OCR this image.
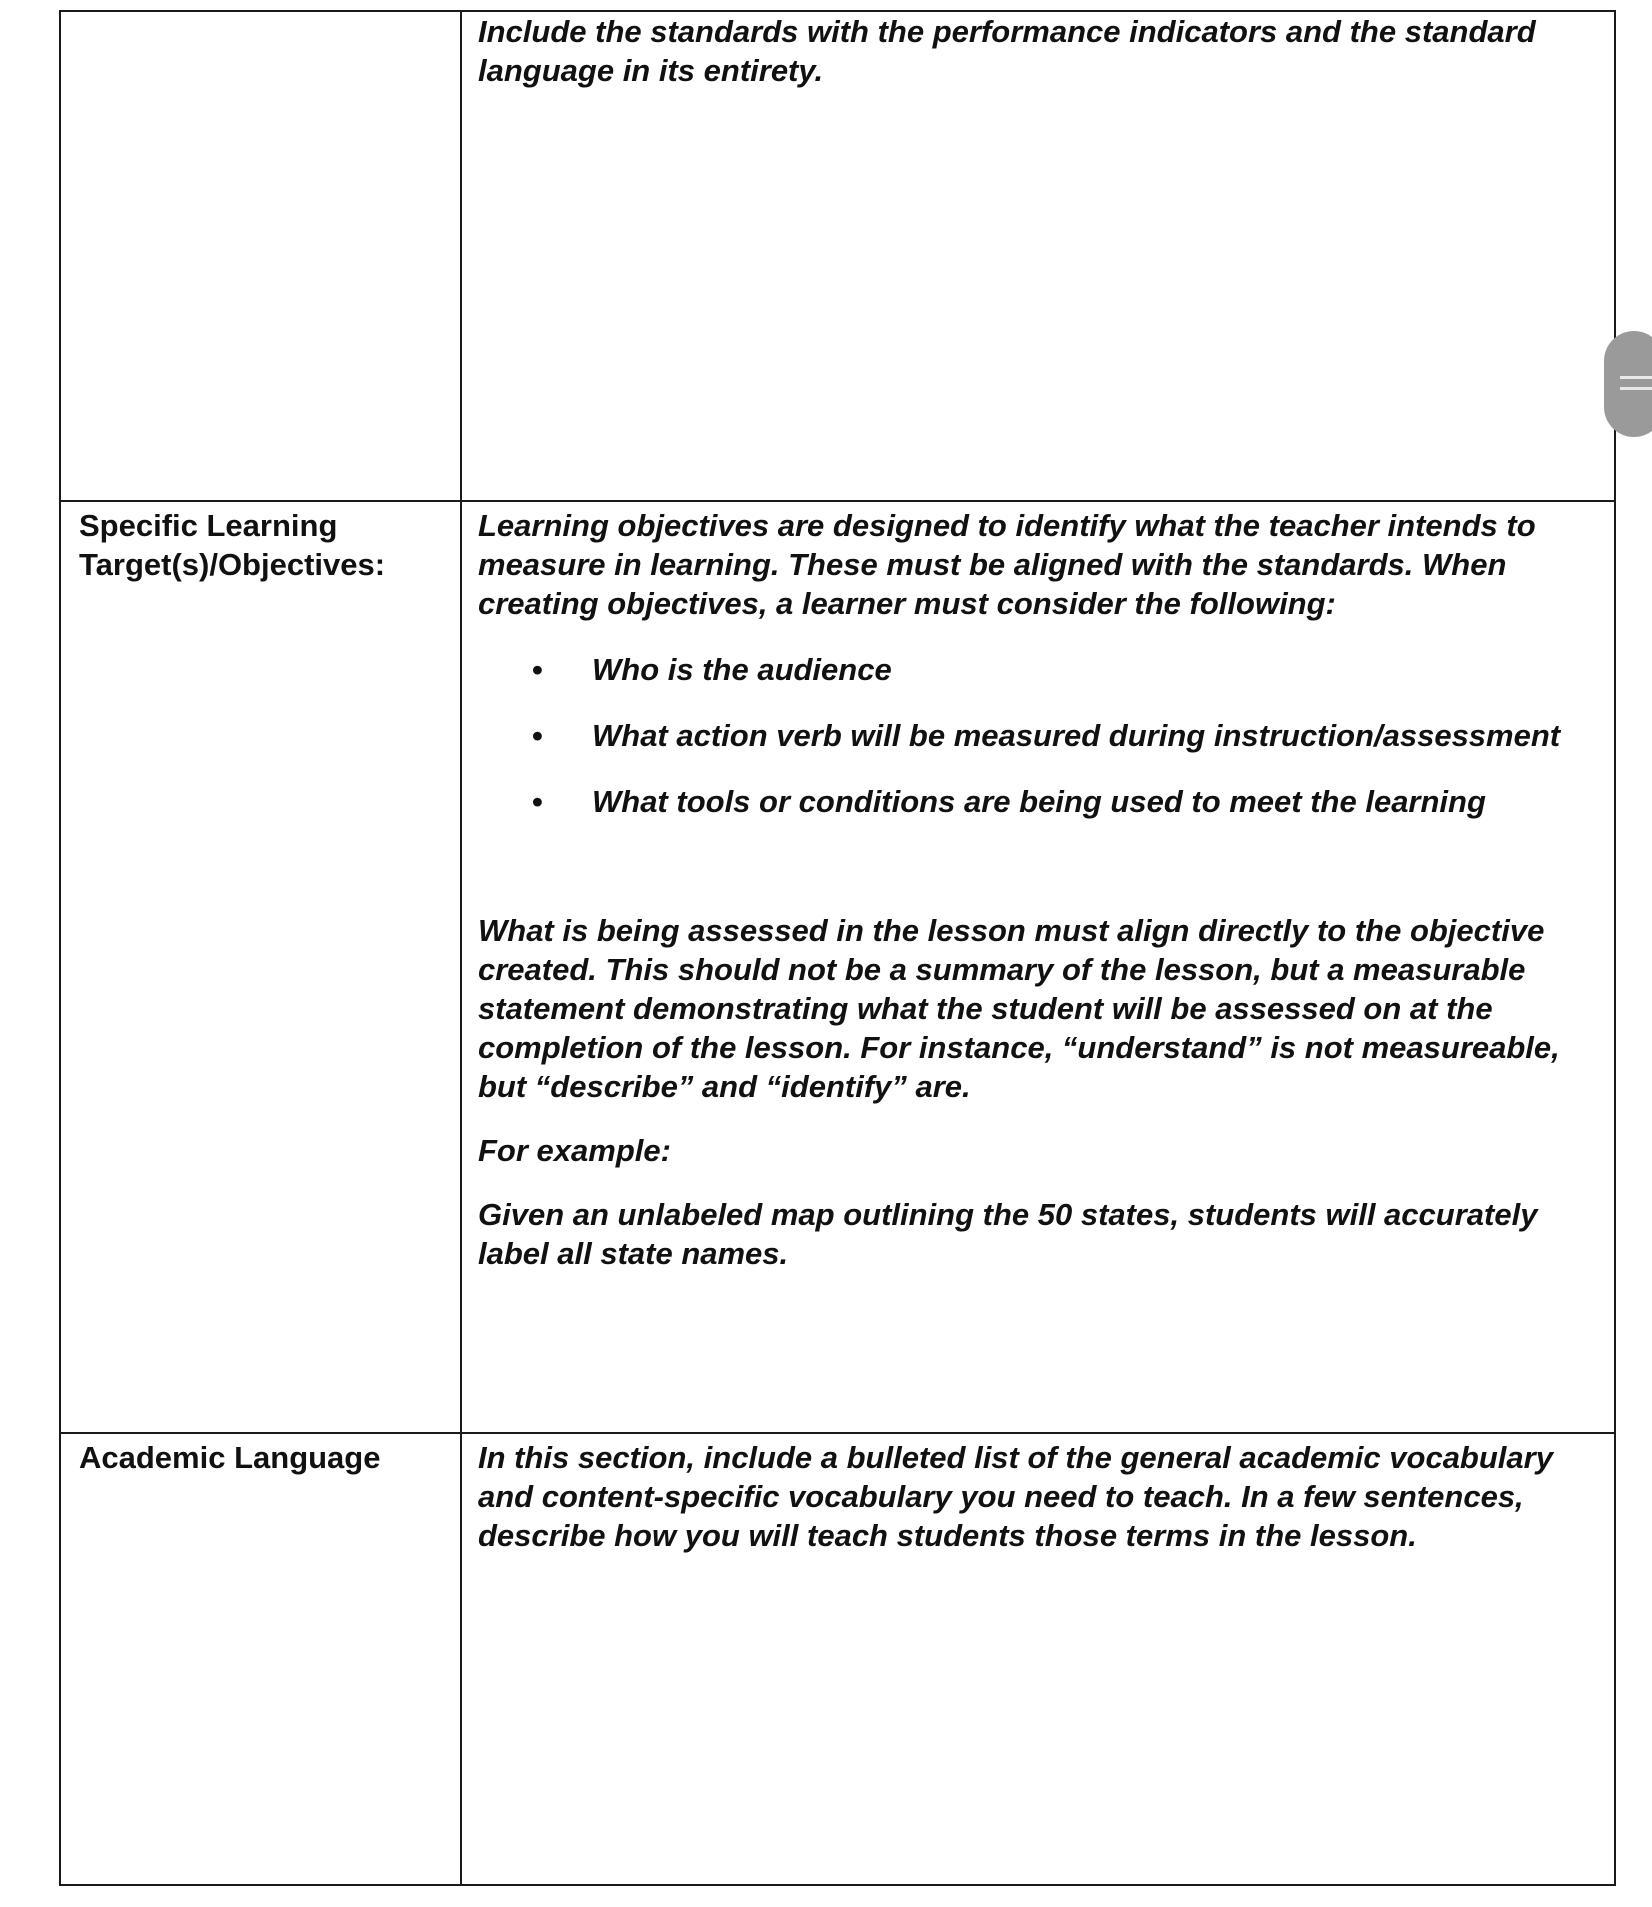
Include the standards with the performance indicators and the standard language in its entirety.

Specific Learning Target(s)/Objectives:

Learning objectives are designed to identify what the teacher intends to measure in learning. These must be aligned with the standards. When creating objectives, a learner must consider the following:

• Who is the audience
• What action verb will be measured during instruction/assessment
• What tools or conditions are being used to meet the learning

What is being assessed in the lesson must align directly to the objective created. This should not be a summary of the lesson, but a measurable statement demonstrating what the student will be assessed on at the completion of the lesson. For instance, “understand” is not measureable, but “describe” and “identify” are.

For example:

Given an unlabeled map outlining the 50 states, students will accurately label all state names.

Academic Language	In this section, include a bulleted list of the general academic vocabulary and content-specific vocabulary you need to teach. In a few sentences, describe how you will teach students those terms in the lesson.
